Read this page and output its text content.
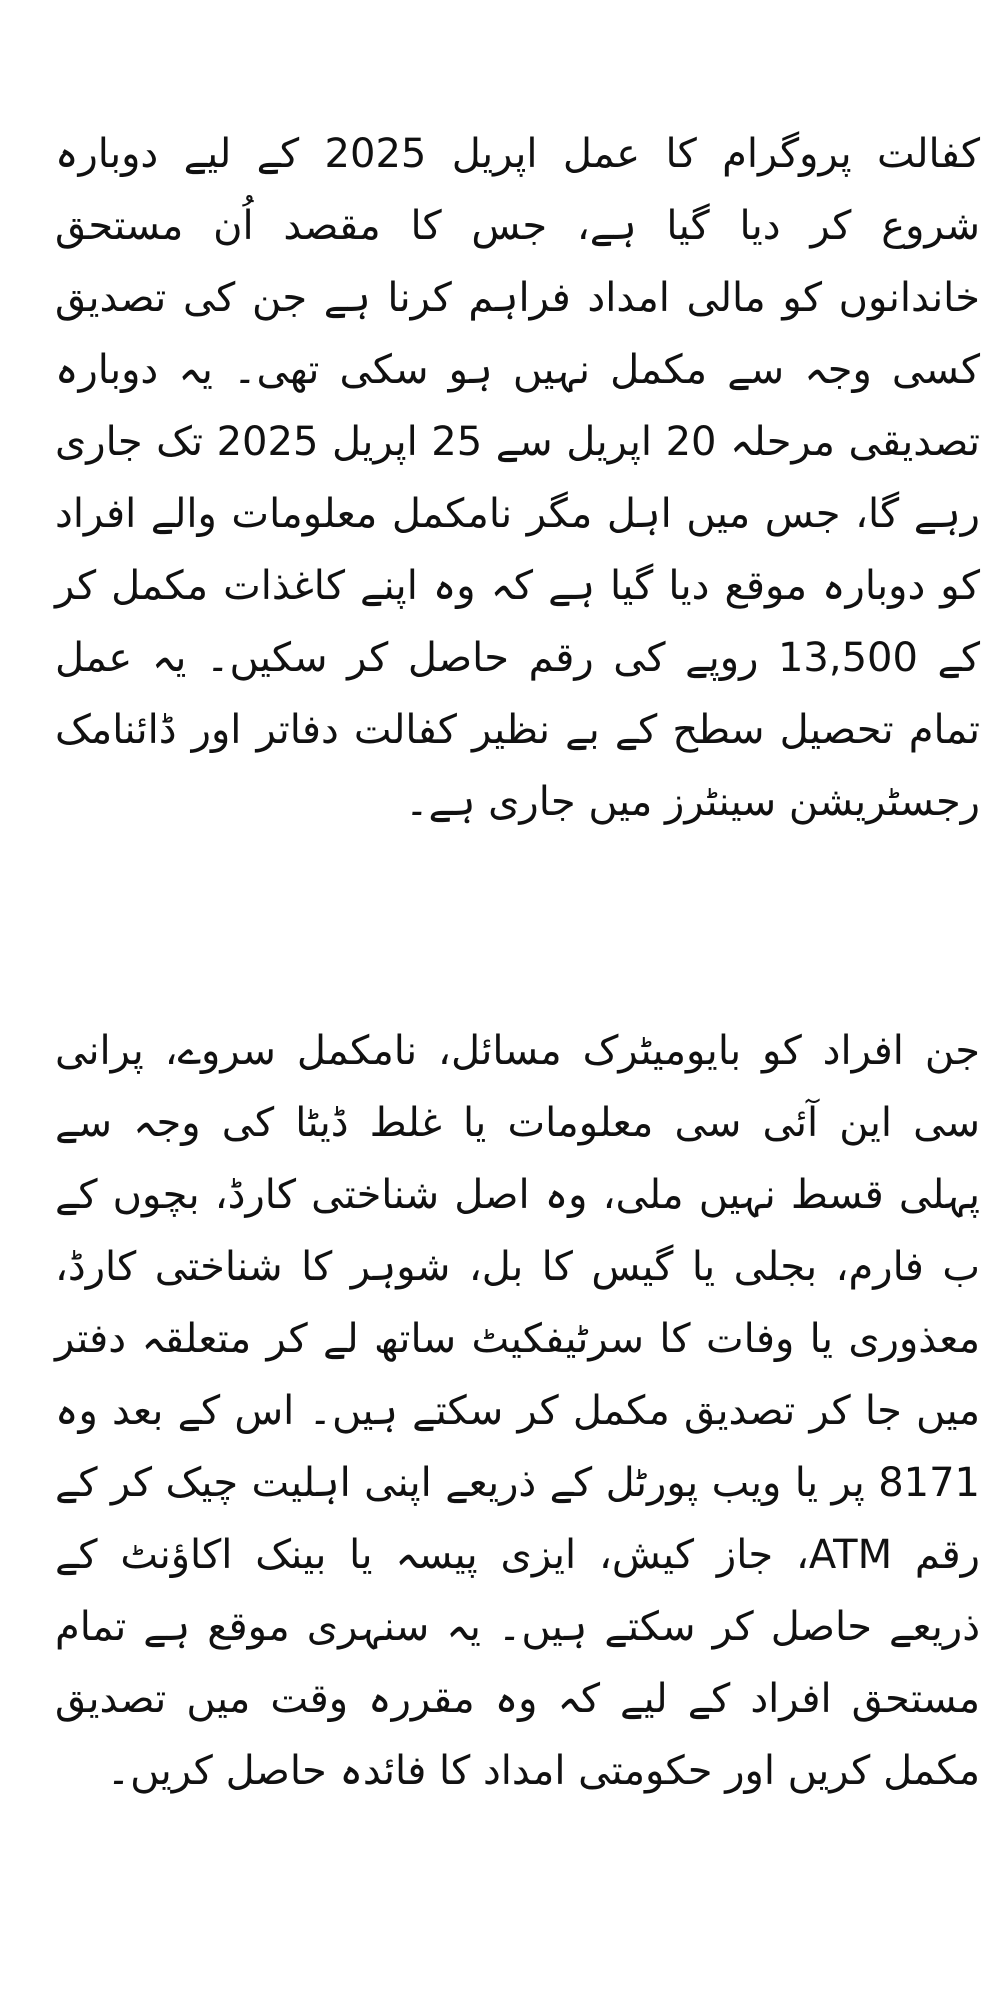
کفالت پروگرام کا عمل اپریل 2025 کے لیے دوبارہ شروع کر دیا گیا ہے، جس کا مقصد اُن مستحق خاندانوں کو مالی امداد فراہم کرنا ہے جن کی تصدیق کسی وجہ سے مکمل نہیں ہو سکی تھی۔ یہ دوبارہ تصدیقی مرحلہ 20 اپریل سے 25 اپریل 2025 تک جاری رہے گا، جس میں اہل مگر نامکمل معلومات والے افراد کو دوبارہ موقع دیا گیا ہے کہ وہ اپنے کاغذات مکمل کر کے 13,500 روپے کی رقم حاصل کر سکیں۔ یہ عمل تمام تحصیل سطح کے بے نظیر کفالت دفاتر اور ڈائنامک رجسٹریشن سینٹرز میں جاری ہے۔

جن افراد کو بایومیٹرک مسائل، نامکمل سروے، پرانی سی این آئی سی معلومات یا غلط ڈیٹا کی وجہ سے پہلی قسط نہیں ملی، وہ اصل شناختی کارڈ، بچوں کے ب فارم، بجلی یا گیس کا بل، شوہر کا شناختی کارڈ، معذوری یا وفات کا سرٹیفکیٹ ساتھ لے کر متعلقہ دفتر میں جا کر تصدیق مکمل کر سکتے ہیں۔ اس کے بعد وہ 8171 پر یا ویب پورٹل کے ذریعے اپنی اہلیت چیک کر کے رقم ATM، جاز کیش، ایزی پیسہ یا بینک اکاؤنٹ کے ذریعے حاصل کر سکتے ہیں۔ یہ سنہری موقع ہے تمام مستحق افراد کے لیے کہ وہ مقررہ وقت میں تصدیق مکمل کریں اور حکومتی امداد کا فائدہ حاصل کریں۔
